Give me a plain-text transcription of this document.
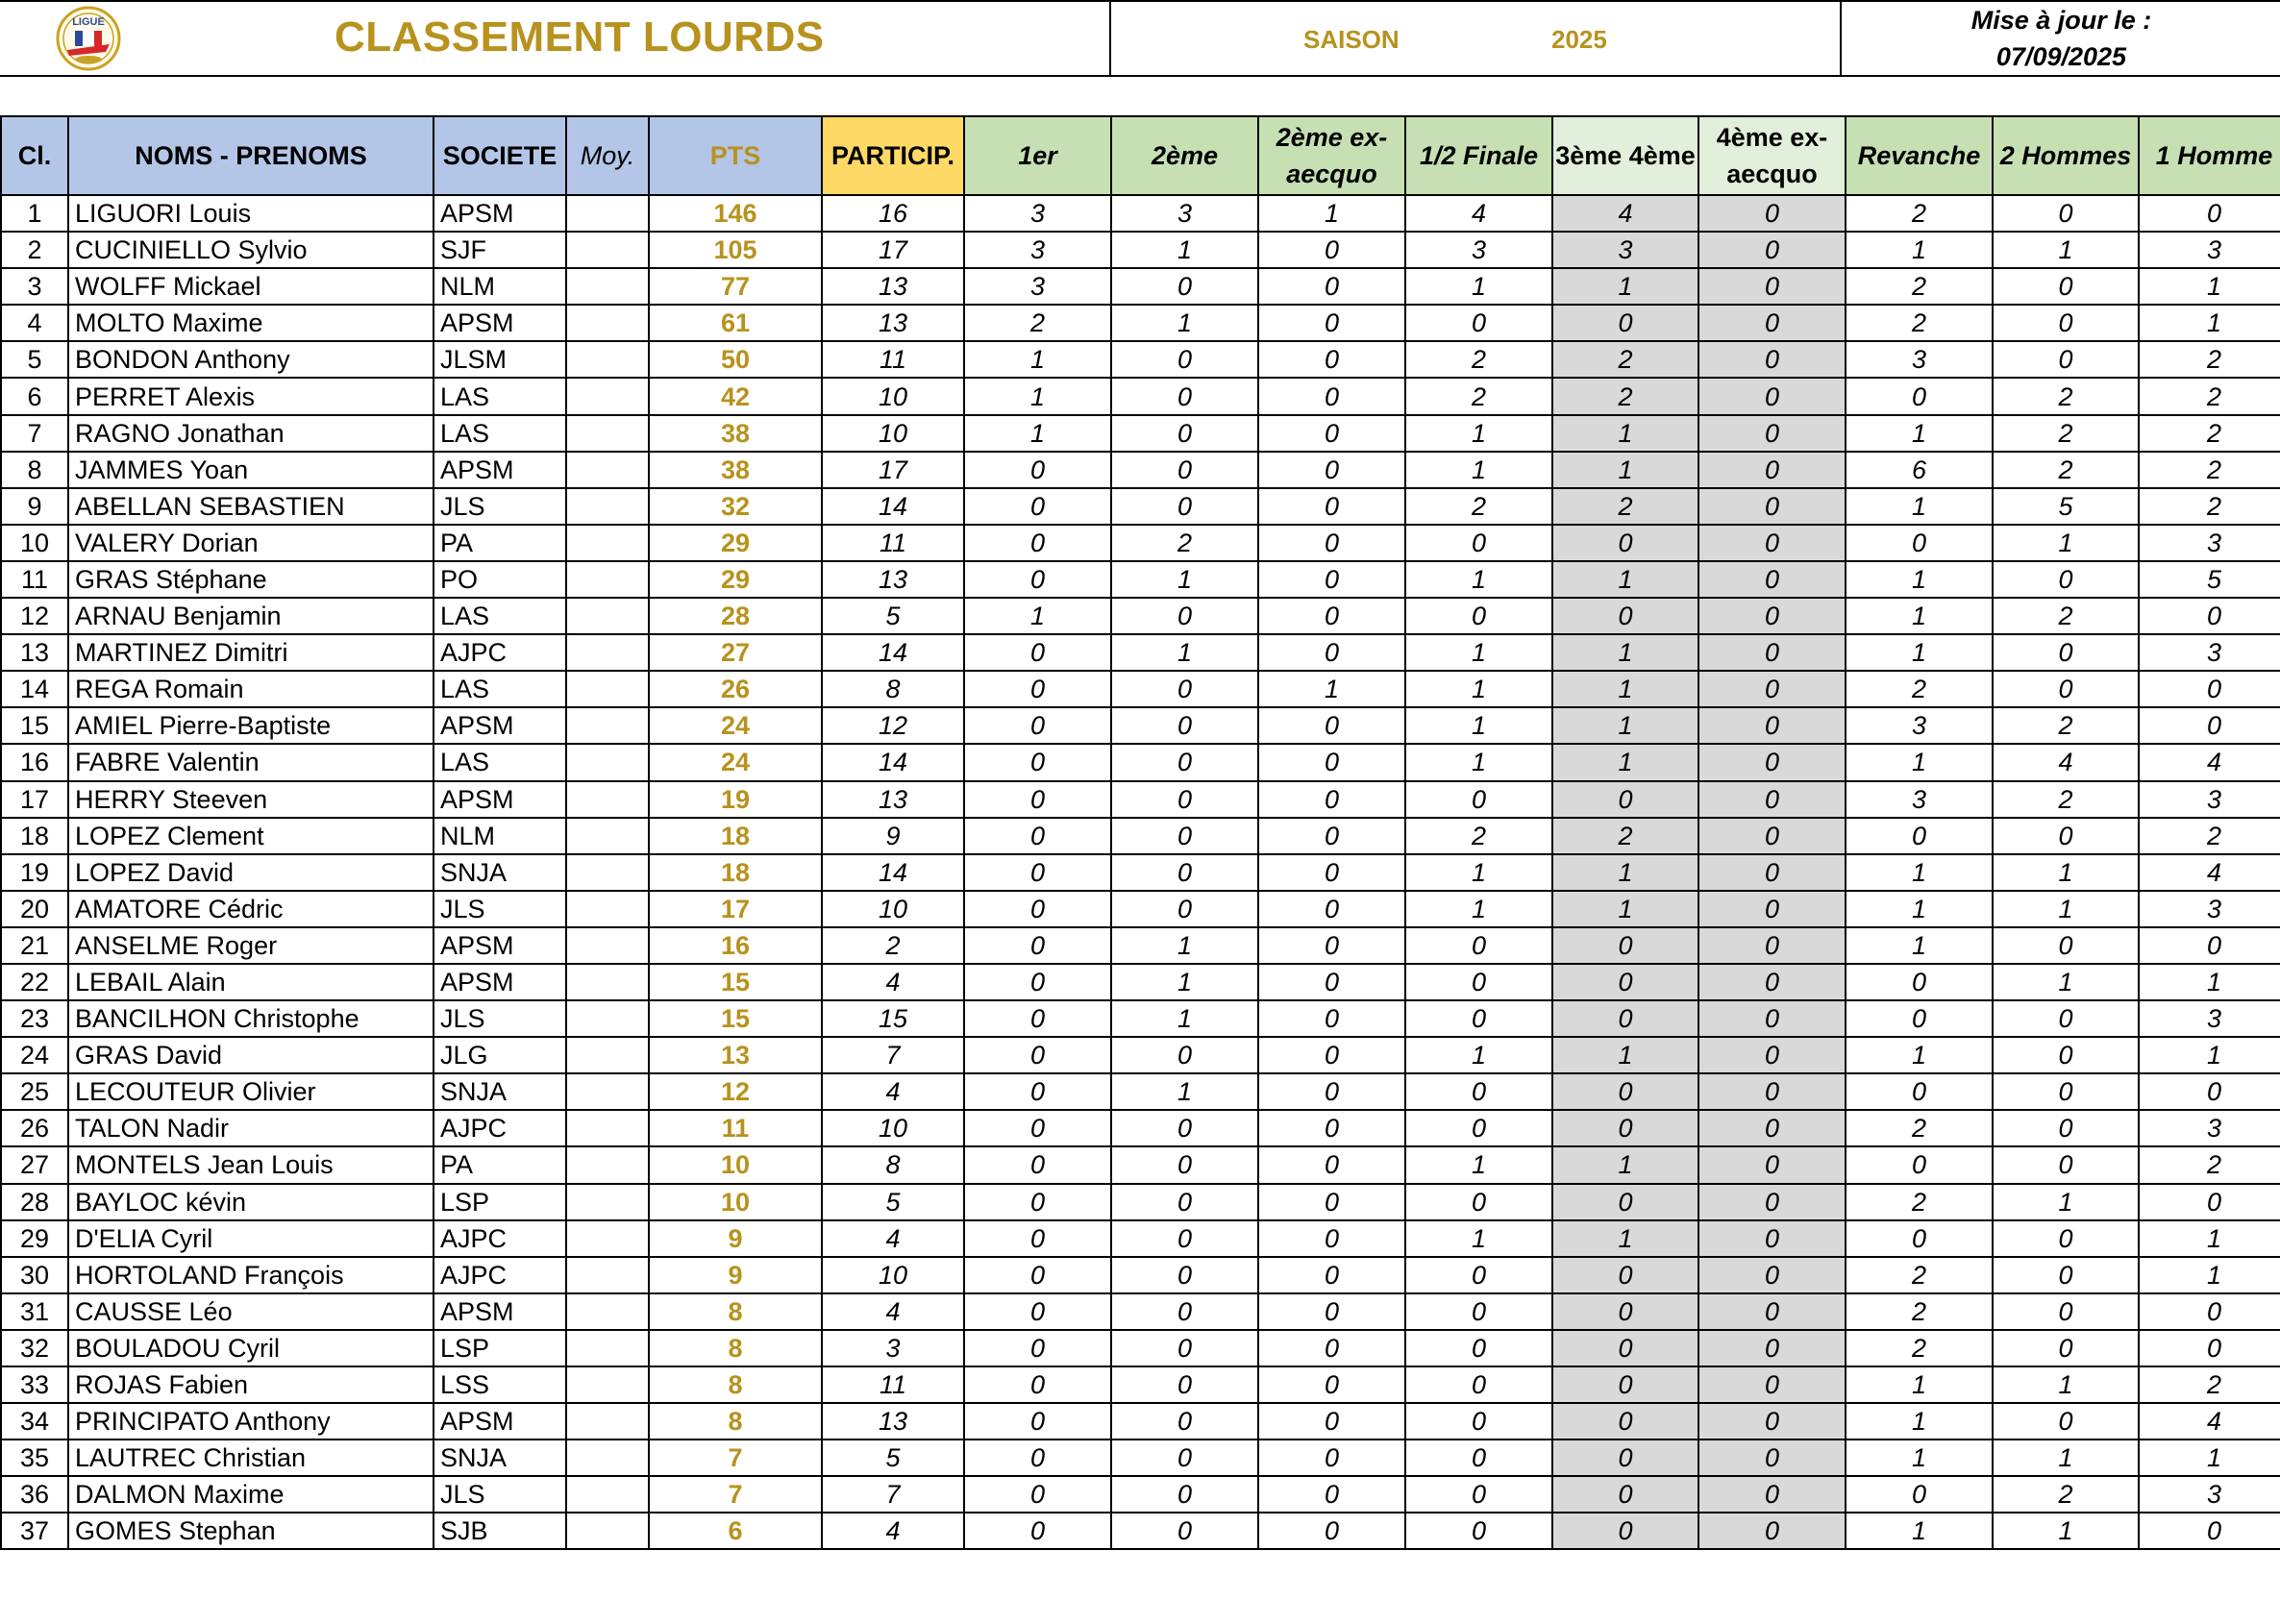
LIGUE	CLASSEMENT LOURDS	SAISON	2025
Mise à jour le :
07/09/2025
Cl.	NOMS - PRENOMS	SOCIETE	Moy.	PTS	PARTICIP.	1er	2ème	2ème ex-aecquo	1/2 Finale	3ème 4ème	4ème ex-aecquo	Revanche	2 Hommes	1 Homme
1	LIGUORI Louis	APSM		146	16	3	3	1	4	4	0	2	0	0
2	CUCINIELLO Sylvio	SJF		105	17	3	1	0	3	3	0	1	1	3
3	WOLFF Mickael	NLM		77	13	3	0	0	1	1	0	2	0	1
4	MOLTO Maxime	APSM		61	13	2	1	0	0	0	0	2	0	1
5	BONDON Anthony	JLSM		50	11	1	0	0	2	2	0	3	0	2
6	PERRET Alexis	LAS		42	10	1	0	0	2	2	0	0	2	2
7	RAGNO Jonathan	LAS		38	10	1	0	0	1	1	0	1	2	2
8	JAMMES Yoan	APSM		38	17	0	0	0	1	1	0	6	2	2
9	ABELLAN SEBASTIEN	JLS		32	14	0	0	0	2	2	0	1	5	2
10	VALERY Dorian	PA		29	11	0	2	0	0	0	0	0	1	3
11	GRAS Stéphane	PO		29	13	0	1	0	1	1	0	1	0	5
12	ARNAU Benjamin	LAS		28	5	1	0	0	0	0	0	1	2	0
13	MARTINEZ Dimitri	AJPC		27	14	0	1	0	1	1	0	1	0	3
14	REGA Romain	LAS		26	8	0	0	1	1	1	0	2	0	0
15	AMIEL Pierre-Baptiste	APSM		24	12	0	0	0	1	1	0	3	2	0
16	FABRE Valentin	LAS		24	14	0	0	0	1	1	0	1	4	4
17	HERRY Steeven	APSM		19	13	0	0	0	0	0	0	3	2	3
18	LOPEZ Clement	NLM		18	9	0	0	0	2	2	0	0	0	2
19	LOPEZ David	SNJA		18	14	0	0	0	1	1	0	1	1	4
20	AMATORE Cédric	JLS		17	10	0	0	0	1	1	0	1	1	3
21	ANSELME Roger	APSM		16	2	0	1	0	0	0	0	1	0	0
22	LEBAIL Alain	APSM		15	4	0	1	0	0	0	0	0	1	1
23	BANCILHON Christophe	JLS		15	15	0	1	0	0	0	0	0	0	3
24	GRAS David	JLG		13	7	0	0	0	1	1	0	1	0	1
25	LECOUTEUR Olivier	SNJA		12	4	0	1	0	0	0	0	0	0	0
26	TALON Nadir	AJPC		11	10	0	0	0	0	0	0	2	0	3
27	MONTELS Jean Louis	PA		10	8	0	0	0	1	1	0	0	0	2
28	BAYLOC kévin	LSP		10	5	0	0	0	0	0	0	2	1	0
29	D'ELIA Cyril	AJPC		9	4	0	0	0	1	1	0	0	0	1
30	HORTOLAND François	AJPC		9	10	0	0	0	0	0	0	2	0	1
31	CAUSSE Léo	APSM		8	4	0	0	0	0	0	0	2	0	0
32	BOULADOU Cyril	LSP		8	3	0	0	0	0	0	0	2	0	0
33	ROJAS Fabien	LSS		8	11	0	0	0	0	0	0	1	1	2
34	PRINCIPATO Anthony	APSM		8	13	0	0	0	0	0	0	1	0	4
35	LAUTREC Christian	SNJA		7	5	0	0	0	0	0	0	1	1	1
36	DALMON Maxime	JLS		7	7	0	0	0	0	0	0	0	2	3
37	GOMES Stephan	SJB		6	4	0	0	0	0	0	0	1	1	0
